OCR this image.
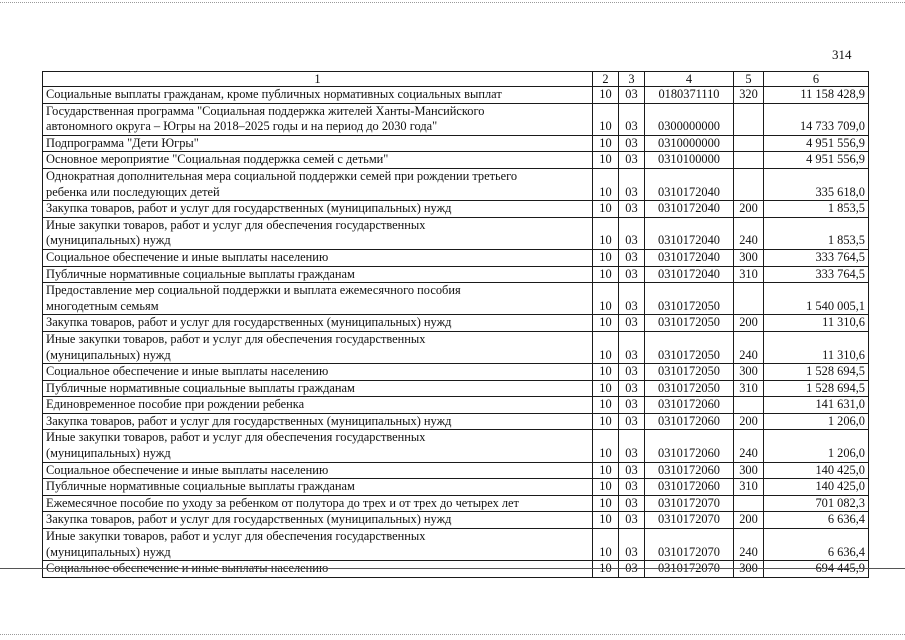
314
1	2	3	4	5	6

Социальные выплаты гражданам, кроме публичных нормативных социальных выплат	10	03	0180371110	320	11 158 428,9

Государственная программа "Социальная поддержка жителей Ханты-Мансийского
автономного округа – Югры на 2018–2025 годы и на период до 2030 года"	10	03	0300000000		14 733 709,0

Подпрограмма "Дети Югры"	10	03	0310000000		4 951 556,9

Основное мероприятие "Социальная поддержка семей с детьми"	10	03	0310100000		4 951 556,9

Однократная дополнительная мера социальной поддержки семей при рождении третьего
ребенка или последующих детей	10	03	0310172040		335 618,0

Закупка товаров, работ и услуг для государственных (муниципальных) нужд	10	03	0310172040	200	1 853,5

Иные закупки товаров, работ и услуг для обеспечения государственных
(муниципальных) нужд	10	03	0310172040	240	1 853,5

Социальное обеспечение и иные выплаты населению	10	03	0310172040	300	333 764,5

Публичные нормативные социальные выплаты гражданам	10	03	0310172040	310	333 764,5

Предоставление мер социальной поддержки и выплата ежемесячного пособия
многодетным семьям	10	03	0310172050		1 540 005,1

Закупка товаров, работ и услуг для государственных (муниципальных) нужд	10	03	0310172050	200	11 310,6

Иные закупки товаров, работ и услуг для обеспечения государственных
(муниципальных) нужд	10	03	0310172050	240	11 310,6

Социальное обеспечение и иные выплаты населению	10	03	0310172050	300	1 528 694,5

Публичные нормативные социальные выплаты гражданам	10	03	0310172050	310	1 528 694,5

Единовременное пособие при рождении ребенка	10	03	0310172060		141 631,0

Закупка товаров, работ и услуг для государственных (муниципальных) нужд	10	03	0310172060	200	1 206,0

Иные закупки товаров, работ и услуг для обеспечения государственных
(муниципальных) нужд	10	03	0310172060	240	1 206,0

Социальное обеспечение и иные выплаты населению	10	03	0310172060	300	140 425,0

Публичные нормативные социальные выплаты гражданам	10	03	0310172060	310	140 425,0

Ежемесячное пособие по уходу за ребенком от полутора до трех и от трех до четырех лет	10	03	0310172070		701 082,3

Закупка товаров, работ и услуг для государственных (муниципальных) нужд	10	03	0310172070	200	6 636,4

Иные закупки товаров, работ и услуг для обеспечения государственных
(муниципальных) нужд	10	03	0310172070	240	6 636,4

Социальное обеспечение и иные выплаты населению	10	03	0310172070	300	694 445,9
